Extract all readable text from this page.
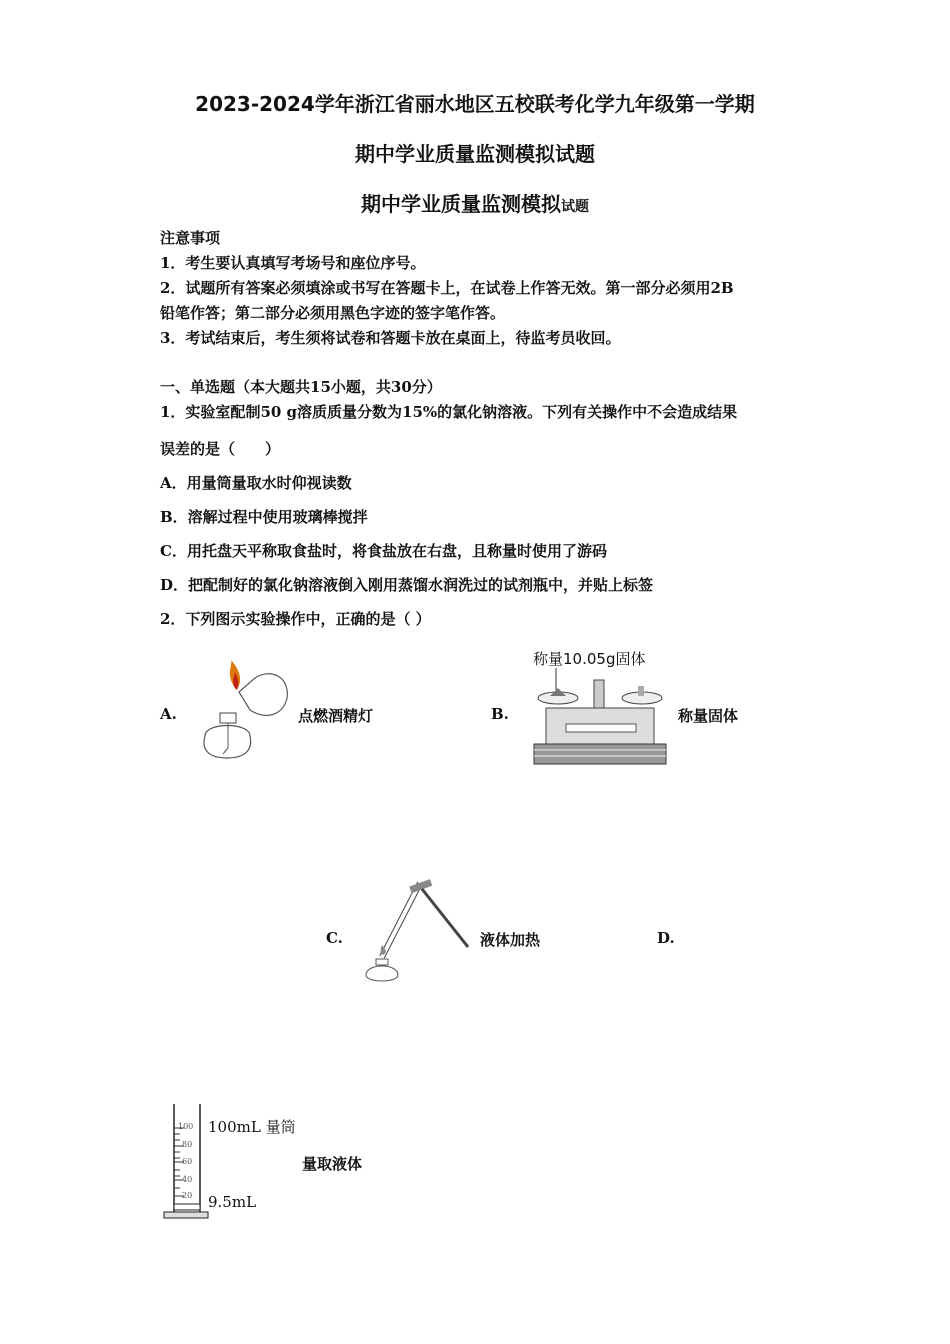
2023-2024学年浙江省丽水地区五校联考化学九年级第一学期
期中学业质量监测模拟试题
期中学业质量监测模拟试题
注意事项
1．考生要认真填写考场号和座位序号。
2．试题所有答案必须填涂或书写在答题卡上，在试卷上作答无效。第一部分必须用2B
铅笔作答；第二部分必须用黑色字迹的签字笔作答。
3．考试结束后，考生须将试卷和答题卡放在桌面上，待监考员收回。
一、单选题（本大题共15小题，共30分）
1．实验室配制50 g溶质质量分数为15%的氯化钠溶液。下列有关操作中不会造成结果
误差的是（　　）
A．用量筒量取水时仰视读数
B．溶解过程中使用玻璃棒搅拌
C．用托盘天平称取食盐时，将食盐放在右盘，且称量时使用了游码
D．把配制好的氯化钠溶液倒入刚用蒸馏水润洗过的试剂瓶中，并贴上标签
2．下列图示实验操作中，正确的是（ ）
A.	点燃酒精灯	B.
称量10.05g固体
称量固体
C.	液体加热	D.
100
80
60
40
20
100mL 量筒
9.5mL
量取液体
